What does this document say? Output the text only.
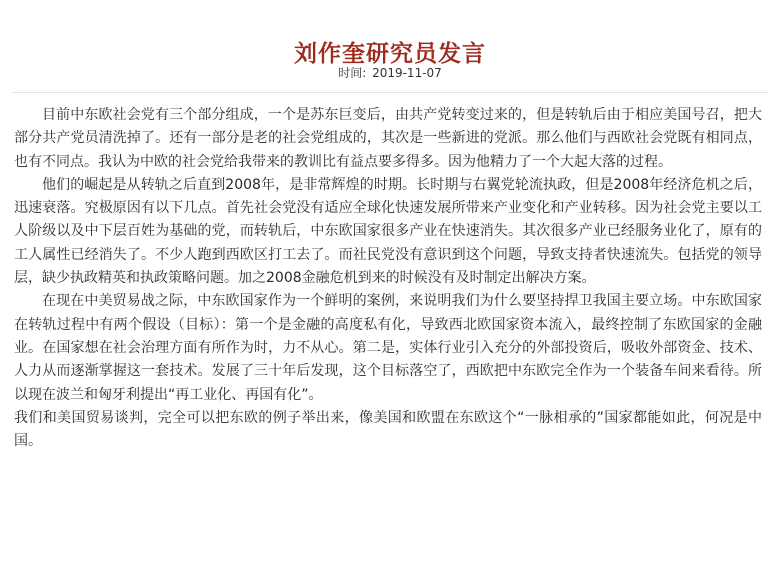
刘作奎研究员发言
时间: 2019-11-07

目前中东欧社会党有三个部分组成，一个是苏东巨变后，由共产党转变过来的，但是转轨后由于相应美国号召，把大部分共产党员清洗掉了。还有一部分是老的社会党组成的，其次是一些新进的党派。那么他们与西欧社会党既有相同点，也有不同点。我认为中欧的社会党给我带来的教训比有益点要多得多。因为他精力了一个大起大落的过程。

他们的崛起是从转轨之后直到2008年，是非常辉煌的时期。长时期与右翼党轮流执政，但是2008年经济危机之后，迅速衰落。究极原因有以下几点。首先社会党没有适应全球化快速发展所带来产业变化和产业转移。因为社会党主要以工人阶级以及中下层百姓为基础的党，而转轨后，中东欧国家很多产业在快速消失。其次很多产业已经服务业化了，原有的工人属性已经消失了。不少人跑到西欧区打工去了。而社民党没有意识到这个问题，导致支持者快速流失。包括党的领导层，缺少执政精英和执政策略问题。加之2008金融危机到来的时候没有及时制定出解决方案。

在现在中美贸易战之际，中东欧国家作为一个鲜明的案例，来说明我们为什么要坚持捍卫我国主要立场。中东欧国家在转轨过程中有两个假设（目标）：第一个是金融的高度私有化，导致西北欧国家资本流入，最终控制了东欧国家的金融业。在国家想在社会治理方面有所作为时，力不从心。第二是，实体行业引入充分的外部投资后，吸收外部资金、技术、人力从而逐渐掌握这一套技术。发展了三十年后发现，这个目标落空了，西欧把中东欧完全作为一个装备车间来看待。所以现在波兰和匈牙利提出“再工业化、再国有化”。

我们和美国贸易谈判，完全可以把东欧的例子举出来，像美国和欧盟在东欧这个“一脉相承的”国家都能如此，何况是中国。
